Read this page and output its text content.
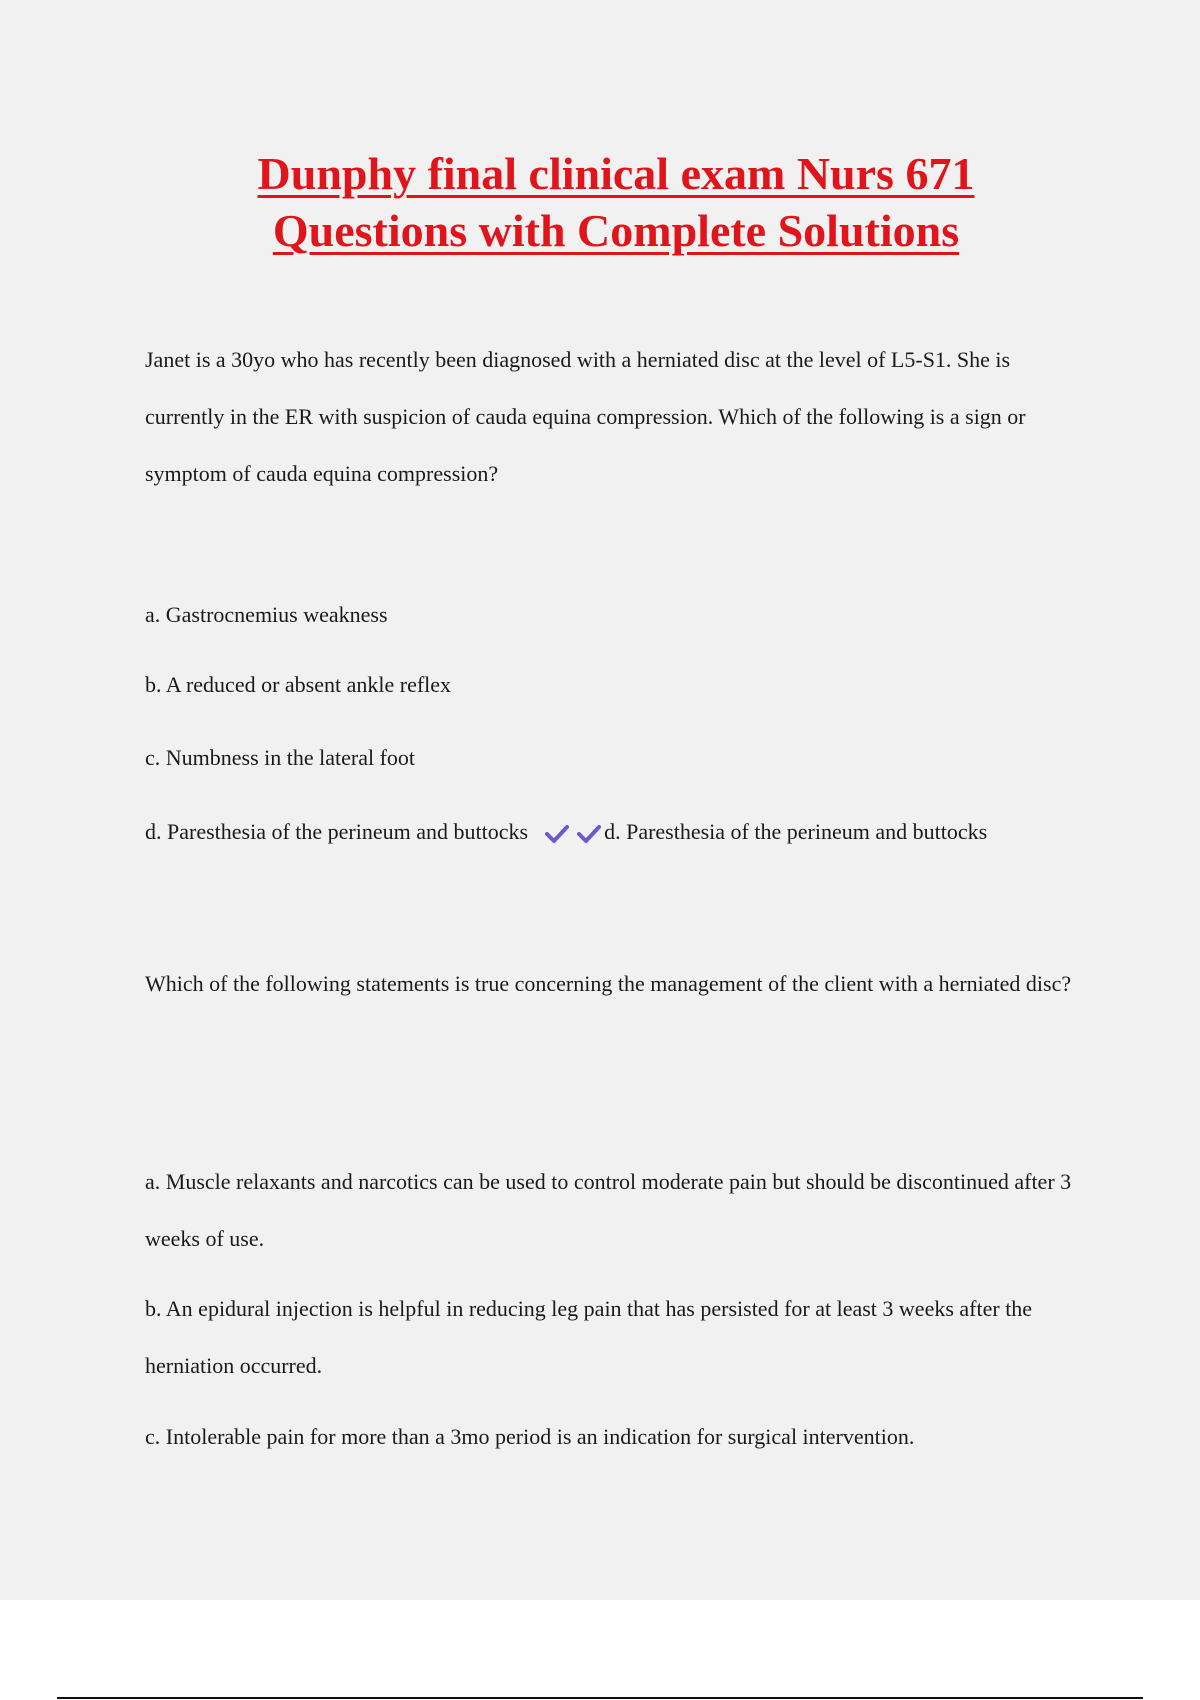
Dunphy final clinical exam Nurs 671
Questions with Complete Solutions
Janet is a 30yo who has recently been diagnosed with a herniated disc at the level of L5-S1. She is currently in the ER with suspicion of cauda equina compression. Which of the following is a sign or symptom of cauda equina compression?
a. Gastrocnemius weakness
b. A reduced or absent ankle reflex
c. Numbness in the lateral foot
d. Paresthesia of the perineum and buttocks	d. Paresthesia of the perineum and buttocks
Which of the following statements is true concerning the management of the client with a herniated disc?
a. Muscle relaxants and narcotics can be used to control moderate pain but should be discontinued after 3 weeks of use.
b. An epidural injection is helpful in reducing leg pain that has persisted for at least 3 weeks after the herniation occurred.
c. Intolerable pain for more than a 3mo period is an indication for surgical intervention.
